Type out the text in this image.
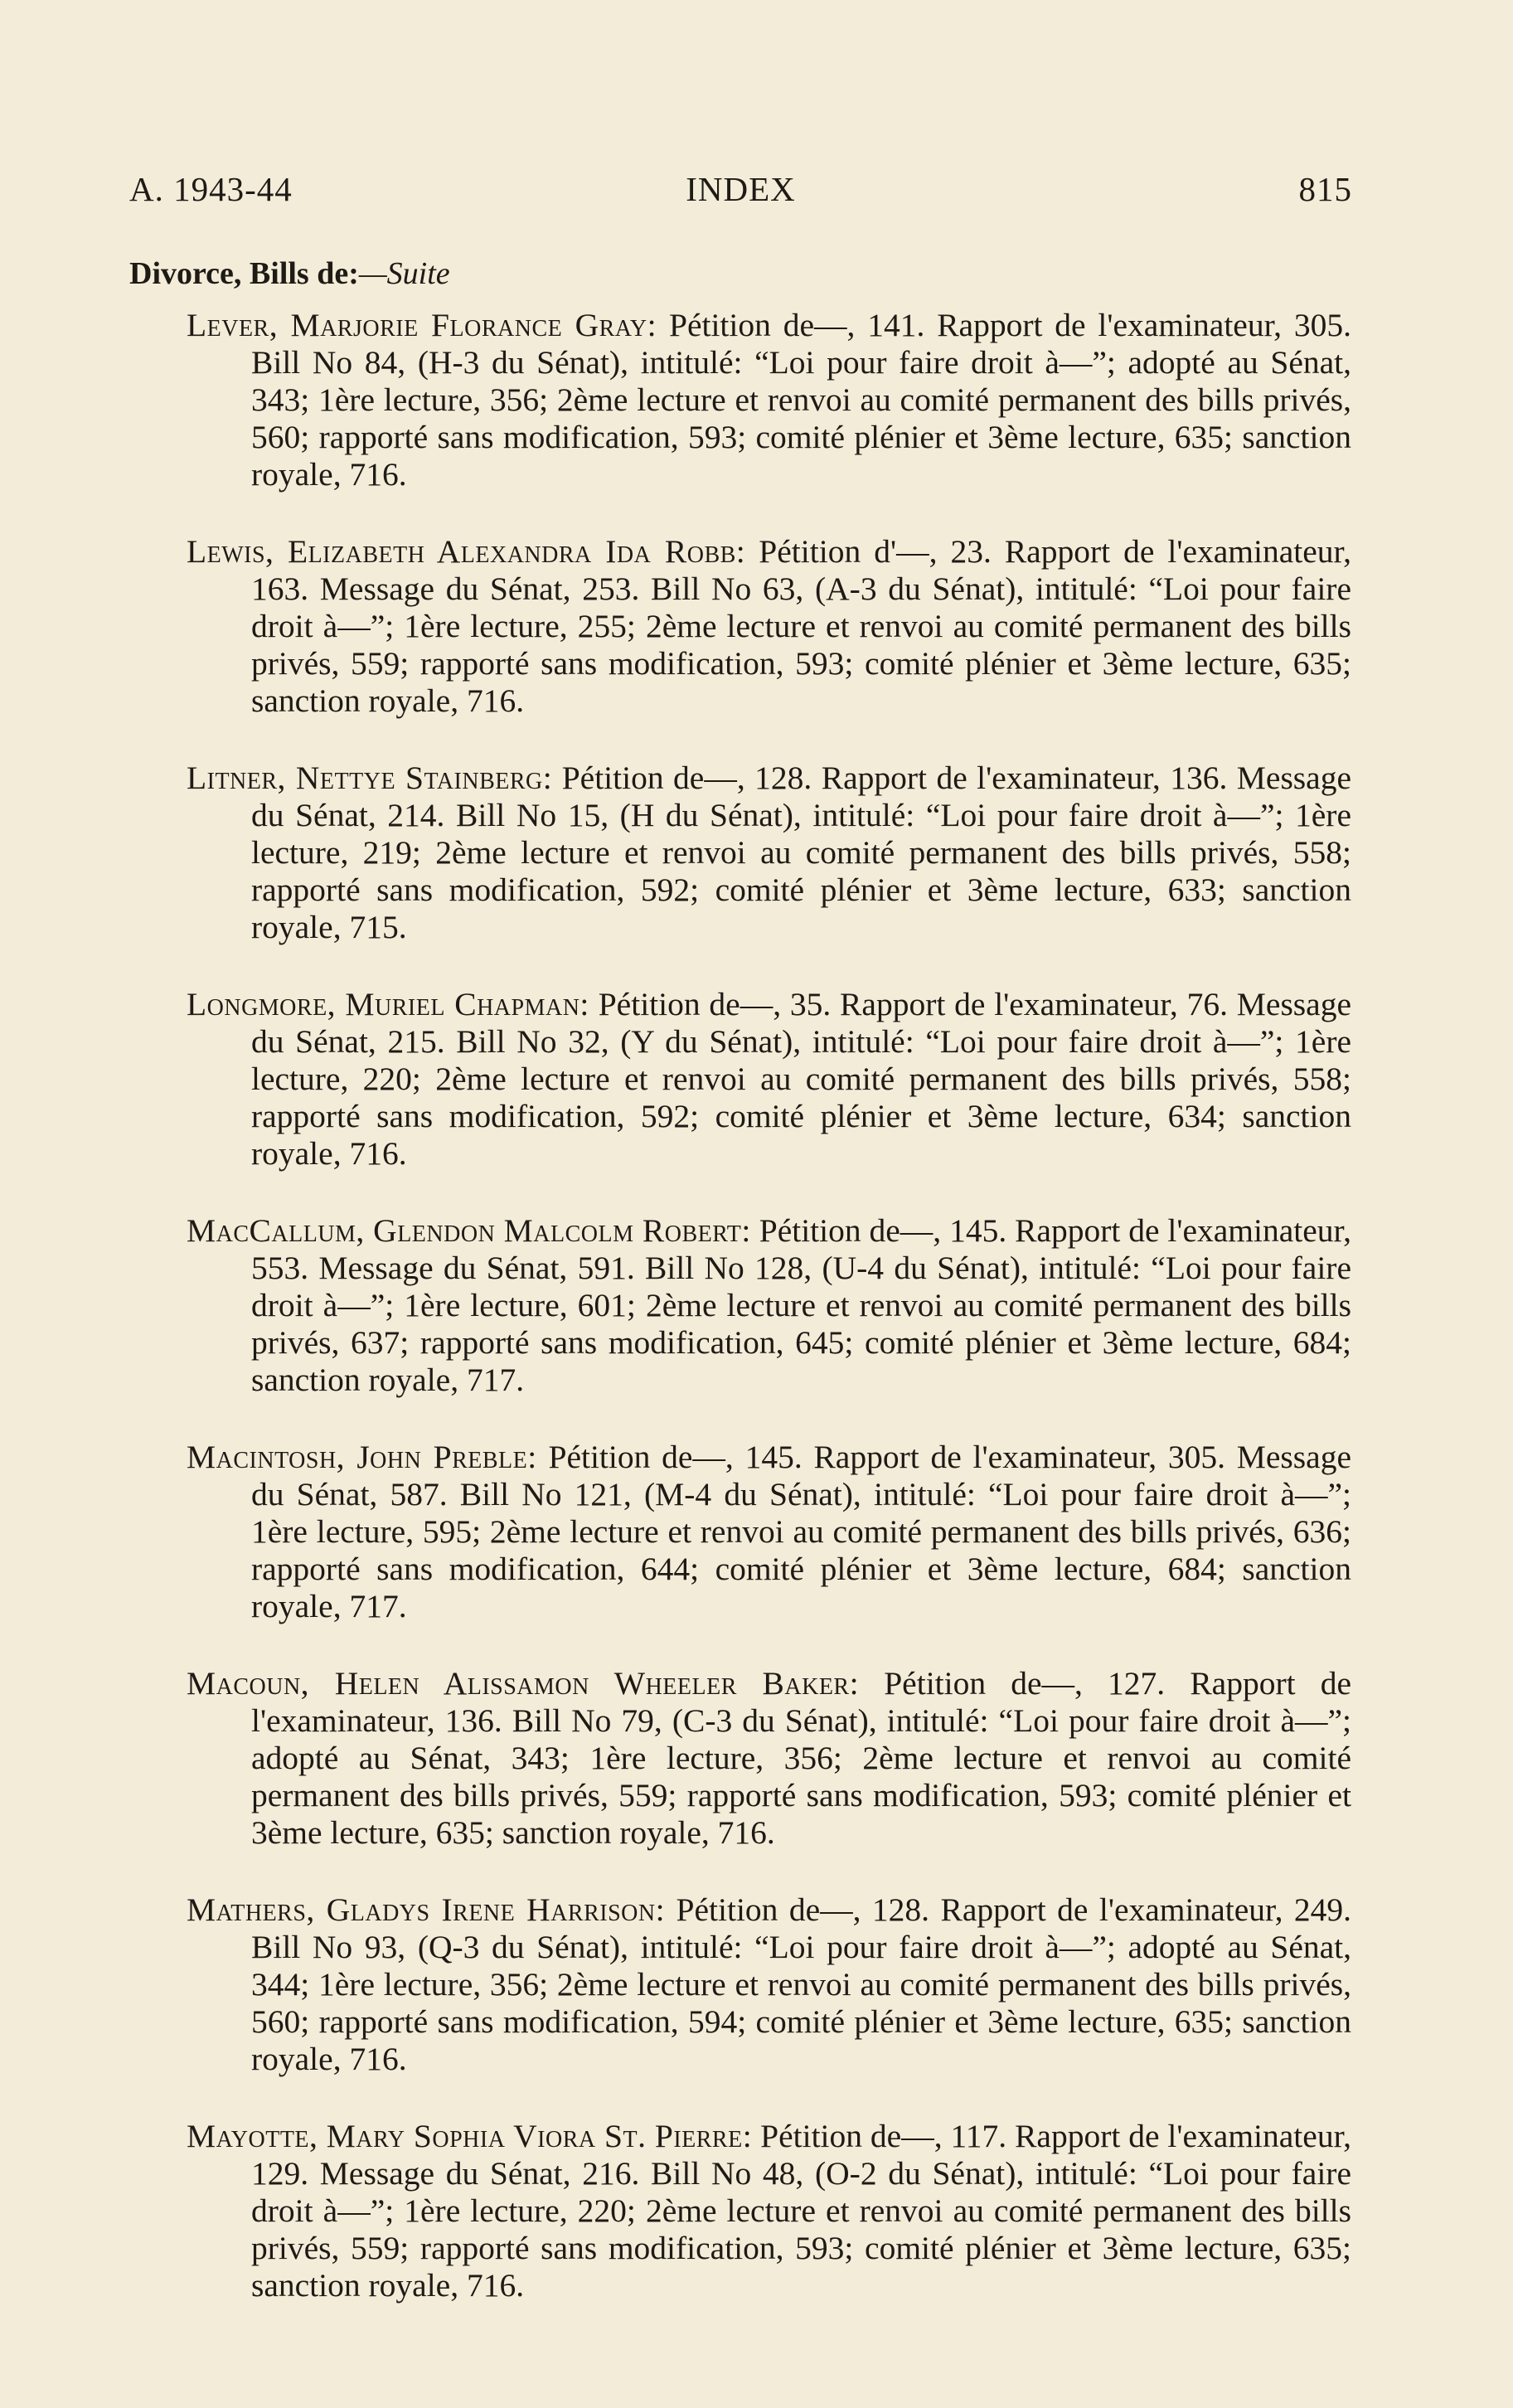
A. 1943-44	INDEX	815
Divorce, Bills de:—Suite

Lever, Marjorie Florance Gray: Pétition de—, 141. Rapport de l'examinateur, 305. Bill No 84, (H-3 du Sénat), intitulé: “Loi pour faire droit à—”; adopté au Sénat, 343; 1ère lecture, 356; 2ème lecture et renvoi au comité permanent des bills privés, 560; rapporté sans modification, 593; comité plénier et 3ème lecture, 635; sanction royale, 716.

Lewis, Elizabeth Alexandra Ida Robb: Pétition d'—, 23. Rapport de l'examinateur, 163. Message du Sénat, 253. Bill No 63, (A-3 du Sénat), intitulé: “Loi pour faire droit à—”; 1ère lecture, 255; 2ème lecture et renvoi au comité permanent des bills privés, 559; rapporté sans modification, 593; comité plénier et 3ème lecture, 635; sanction royale, 716.

Litner, Nettye Stainberg: Pétition de—, 128. Rapport de l'examinateur, 136. Message du Sénat, 214. Bill No 15, (H du Sénat), intitulé: “Loi pour faire droit à—”; 1ère lecture, 219; 2ème lecture et renvoi au comité permanent des bills privés, 558; rapporté sans modification, 592; comité plénier et 3ème lecture, 633; sanction royale, 715.

Longmore, Muriel Chapman: Pétition de—, 35. Rapport de l'examinateur, 76. Message du Sénat, 215. Bill No 32, (Y du Sénat), intitulé: “Loi pour faire droit à—”; 1ère lecture, 220; 2ème lecture et renvoi au comité permanent des bills privés, 558; rapporté sans modification, 592; comité plénier et 3ème lecture, 634; sanction royale, 716.

MacCallum, Glendon Malcolm Robert: Pétition de—, 145. Rapport de l'examinateur, 553. Message du Sénat, 591. Bill No 128, (U-4 du Sénat), intitulé: “Loi pour faire droit à—”; 1ère lecture, 601; 2ème lecture et renvoi au comité permanent des bills privés, 637; rapporté sans modification, 645; comité plénier et 3ème lecture, 684; sanction royale, 717.

Macintosh, John Preble: Pétition de—, 145. Rapport de l'examinateur, 305. Message du Sénat, 587. Bill No 121, (M-4 du Sénat), intitulé: “Loi pour faire droit à—”; 1ère lecture, 595; 2ème lecture et renvoi au comité permanent des bills privés, 636; rapporté sans modification, 644; comité plénier et 3ème lecture, 684; sanction royale, 717.

Macoun, Helen Alissamon Wheeler Baker: Pétition de—, 127. Rapport de l'examinateur, 136. Bill No 79, (C-3 du Sénat), intitulé: “Loi pour faire droit à—”; adopté au Sénat, 343; 1ère lecture, 356; 2ème lecture et renvoi au comité permanent des bills privés, 559; rapporté sans modification, 593; comité plénier et 3ème lecture, 635; sanction royale, 716.

Mathers, Gladys Irene Harrison: Pétition de—, 128. Rapport de l'examinateur, 249. Bill No 93, (Q-3 du Sénat), intitulé: “Loi pour faire droit à—”; adopté au Sénat, 344; 1ère lecture, 356; 2ème lecture et renvoi au comité permanent des bills privés, 560; rapporté sans modification, 594; comité plénier et 3ème lecture, 635; sanction royale, 716.

Mayotte, Mary Sophia Viora St. Pierre: Pétition de—, 117. Rapport de l'examinateur, 129. Message du Sénat, 216. Bill No 48, (O-2 du Sénat), intitulé: “Loi pour faire droit à—”; 1ère lecture, 220; 2ème lecture et renvoi au comité permanent des bills privés, 559; rapporté sans modification, 593; comité plénier et 3ème lecture, 635; sanction royale, 716.
